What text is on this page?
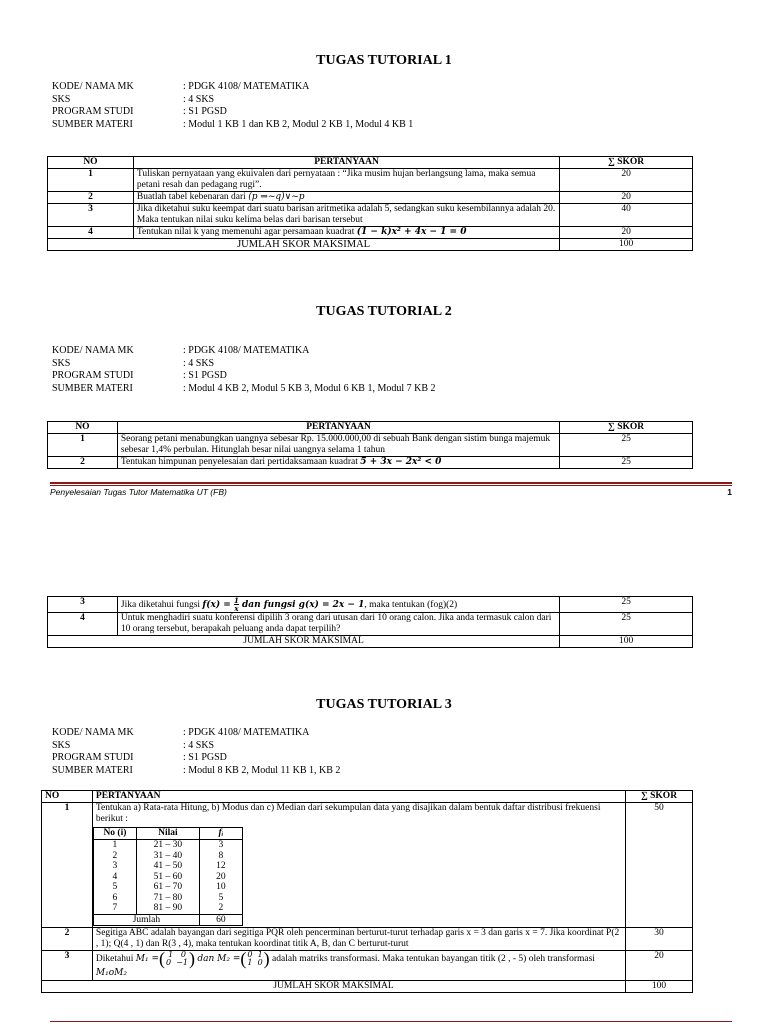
TUGAS TUTORIAL 1
KODE/ NAMA MK	: PDGK 4108/ MATEMATIKA
SKS	: 4 SKS
PROGRAM STUDI	: S1 PGSD
SUMBER MATERI	: Modul 1 KB 1 dan KB 2, Modul 2 KB 1, Modul 4 KB 1
NO	PERTANYAAN	∑ SKOR
1	Tuliskan pernyataan yang ekuivalen dari pernyataan : “Jika musim hujan berlangsung lama, maka semua petani resah dan pedagang rugi”.	20
2	Buatlah tabel kebenaran dari (p ⇒~q)∨~p	20
3	Jika diketahui suku keempat dari suatu barisan aritmetika adalah 5, sedangkan suku kesembilannya adalah 20. Maka tentukan nilai suku kelima belas dari barisan tersebut	40
4	Tentukan nilai k yang memenuhi agar persamaan kuadrat (1 − k)x² + 4x − 1 = 0	20
JUMLAH SKOR MAKSIMAL		100
TUGAS TUTORIAL 2
KODE/ NAMA MK	: PDGK 4108/ MATEMATIKA
SKS	: 4 SKS
PROGRAM STUDI	: S1 PGSD
SUMBER MATERI	: Modul 4 KB 2, Modul 5 KB 3, Modul 6 KB 1, Modul 7 KB 2
NO	PERTANYAAN	∑ SKOR
1	Seorang petani menabungkan uangnya sebesar Rp. 15.000.000,00 di sebuah Bank dengan sistim bunga majemuk sebesar 1,4% perbulan. Hitunglah besar nilai uangnya selama 1 tahun	25
2	Tentukan himpunan penyelesaian dari pertidaksamaan kuadrat 5 + 3x − 2x² < 0	25
Penyelesaian Tugas Tutor Matematika UT (FB)	1
3	Jika diketahui fungsi $f(x) = \frac{1}{x}$ dan fungsi g(x) = 2x − 1, maka tentukan (fog)(2)	25
4	Untuk menghadiri suatu konferensi dipilih 3 orang dari utusan dari 10 orang calon. Jika anda termasuk calon dari 10 orang tersebut, berapakah peluang anda dapat terpilih?	25
JUMLAH SKOR MAKSIMAL		100
TUGAS TUTORIAL 3
KODE/ NAMA MK	: PDGK 4108/ MATEMATIKA
SKS	: 4 SKS
PROGRAM STUDI	: S1 PGSD
SUMBER MATERI	: Modul 8 KB 2, Modul 11 KB 1, KB 2
NO	PERTANYAAN	∑ SKOR
1	Tentukan a) Rata-rata Hitung, b) Modus dan c) Median dari sekumpulan data yang disajikan dalam bentuk daftar distribusi frekuensi berikut :
No (i)	Nilai	fᵢ
1	21 – 30	3
2	31 – 40	8
3	41 – 50	12
4	51 – 60	20
5	61 – 70	10
6	71 – 80	5
7	81 – 90	2
Jumlah	60
	50
2	Segitiga ABC adalah bayangan dari segitiga PQR oleh pencerminan berturut-turut terhadap garis x = 3 dan garis x = 7. Jika koordinat P(2 , 1); Q(4 , 1) dan R(3 , 4), maka tentukan koordinat titik A, B, dan C berturut-turut	30
3	Diketahui M₁ =( 1 0
0 −1) dan M₂ =(0 1
1 0) adalah matriks transformasi. Maka tentukan bayangan titik (2 , - 5) oleh transformasi M₁oM₂	20
JUMLAH SKOR MAKSIMAL	100
